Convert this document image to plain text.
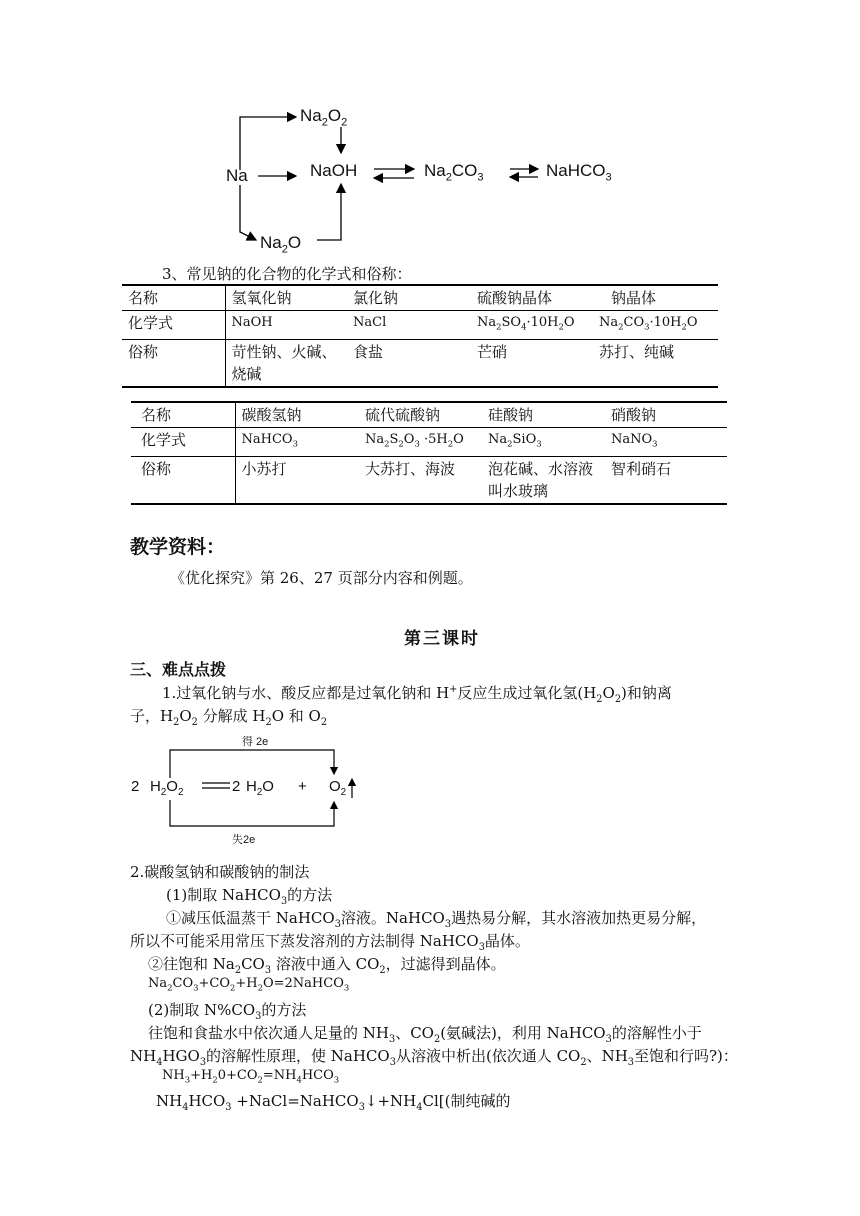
Na
$Na_2O_2$
NaOH	$Na_2CO_3$	NaHCO$_3$
$Na_2O$
3、常见钠的化合物的化学式和俗称：
名称	氢氧化钠	氯化钠	硫酸钠晶体	钠晶体
化学式	NaOH	NaCl	$Na_2SO_4\cdot 10H_2O$	$Na_2CO_3\cdot 10H_2O$
俗称	苛性钠、火碱、烧碱	食盐	芒硝	苏打、纯碱
名称	碳酸氢钠	硫代硫酸钠	硅酸钠	硝酸钠
化学式	NaHCO$_3$	$Na_2S_2O_3 \cdot 5H_2O$	$Na_2SiO_3$	NaNO$_3$
俗称	小苏打	大苏打、海波	泡花碱、水溶液叫水玻璃	智利硝石
教学资料：
《优化探究》第 26、27 页部分内容和例题。
第三课时
三、难点点拨
1.过氧化钠与水、酸反应都是过氧化钠和 H+反应生成过氧化氢$(H_2O_2)$和钠离
子，$H_2O_2$ 分解成 $H_2O$ 和 $O_2$
得 2e
失2e
2 $H_2O_2$	2 $H_2O + O_2$
2.碳酸氢钠和碳酸钠的制法
(1)制取 NaHCO$_3$的方法
①减压低温蒸干 NaHCO$_3$溶液。NaHCO$_3$遇热易分解，其水溶液加热更易分解，
所以不可能采用常压下蒸发溶剂的方法制得 NaHCO$_3$晶体。
②往饱和 $Na_2CO_3$ 溶液中通入 $CO_2$，过滤得到晶体。
$Na_2CO_3+CO_2+H_2O=2NaHCO_3$
(2)制取 $N\%CO_3$的方法
往饱和食盐水中依次通人足量的 $NH_3$、$CO_2$(氨碱法)，利用 NaHCO$_3$的溶解性小于
$NH_4HGO_3$的溶解性原理，使 NaHCO$_3$从溶液中析出(依次通人 $CO_2$、$NH_3$至饱和行吗?)：
$NH_3+H_20+CO_2=NH_4HCO_3$
$NH_4HCO_3$ $+NaCl=NaHCO_3↓+NH_4Cl$[(制纯碱的
